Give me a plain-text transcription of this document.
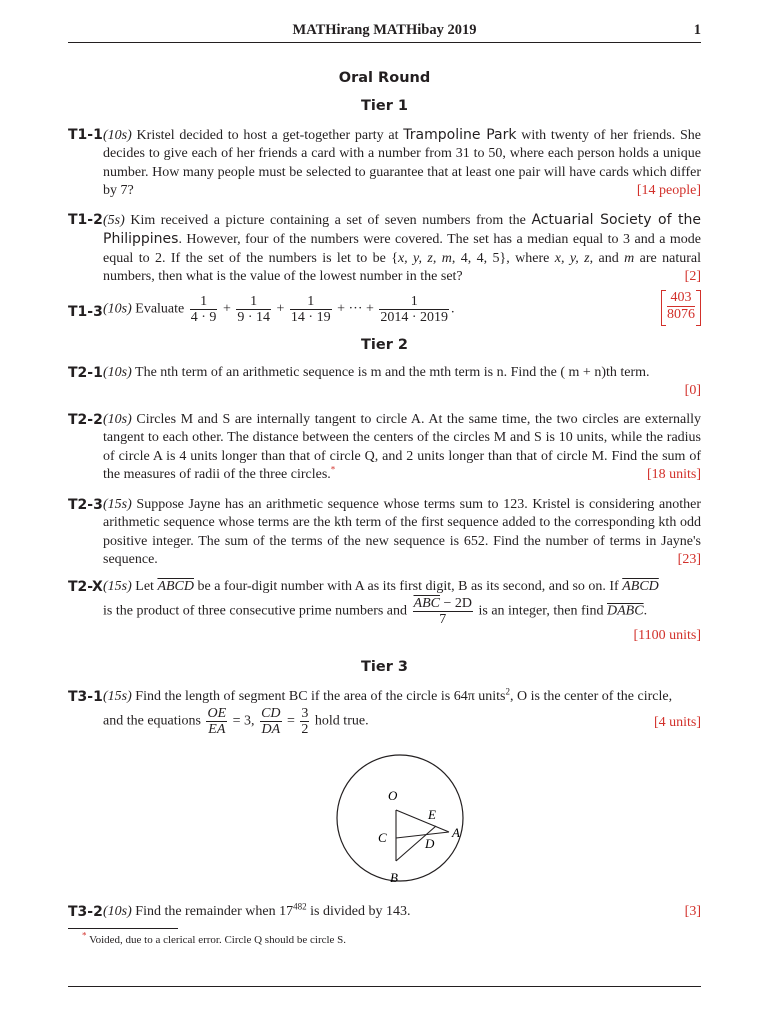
MATHirang MATHibay 2019	1
Oral Round
Tier 1
T1-1 (10s) Kristel decided to host a get-together party at Trampoline Park with twenty of her friends. She decides to give each of her friends a card with a number from 31 to 50, where each person holds a unique number. How many people must be selected to guarantee that at least one pair will have cards which differ by 7?	[14 people]
T1-2 (5s) Kim received a picture containing a set of seven numbers from the Actuarial Society of the Philippines. However, four of the numbers were covered. The set has a median equal to 3 and a mode equal to 2. If the set of the numbers is let to be {x, y, z, m, 4, 4, 5}, where x, y, z, and m are natural numbers, then what is the value of the lowest number in the set?	[2]
T1-3 (10s) Evaluate $\frac{1}{4 \cdot 9} + \frac{1}{9 \cdot 14} + \frac{1}{14 \cdot 19}$ + ··· + $\frac{1}{2014 \cdot 2019}$ .
403
8076
Tier 2
T2-1 (10s) The nth term of an arithmetic sequence is m and the mth term is n. Find the ( m + n)th term.
[0]
T2-2 (10s) Circles M and S are internally tangent to circle A. At the same time, the two circles are externally tangent to each other. The distance between the centers of the circles M and S is 10 units, while the radius of circle A is 4 units longer than that of circle Q, and 2 units longer than that of circle M. Find the sum of the measures of radii of the three circles.*	[18 units]
T2-3 (15s) Suppose Jayne has an arithmetic sequence whose terms sum to 123. Kristel is considering another arithmetic sequence whose terms are the kth term of the first sequence added to the corresponding kth odd positive integer. The sum of the terms of the new sequence is 652. Find the number of terms in Jayne's sequence.	[23]
T2-X (15s) Let ABCD be a four-digit number with A as its first digit, B as its second, and so on. If ABCD
is the product of three consecutive prime numbers and $\frac{\overline{ABC} - 2D}{7}$ is an integer, then find DABC.
[1100 units]
Tier 3
T3-1 (15s) Find the length of segment BC if the area of the circle is 64π units$^2$, O is the center of the circle,
and the equations $\frac{OE}{EA} = 3$, $\frac{CD}{DA} = \frac{3}{2}$ hold true.	[4 units]
O
E
A
C	D
B
T3-2 (10s) Find the remainder when $17^{482}$ is divided by 143.	[3]
* Voided, due to a clerical error. Circle Q should be circle S.
